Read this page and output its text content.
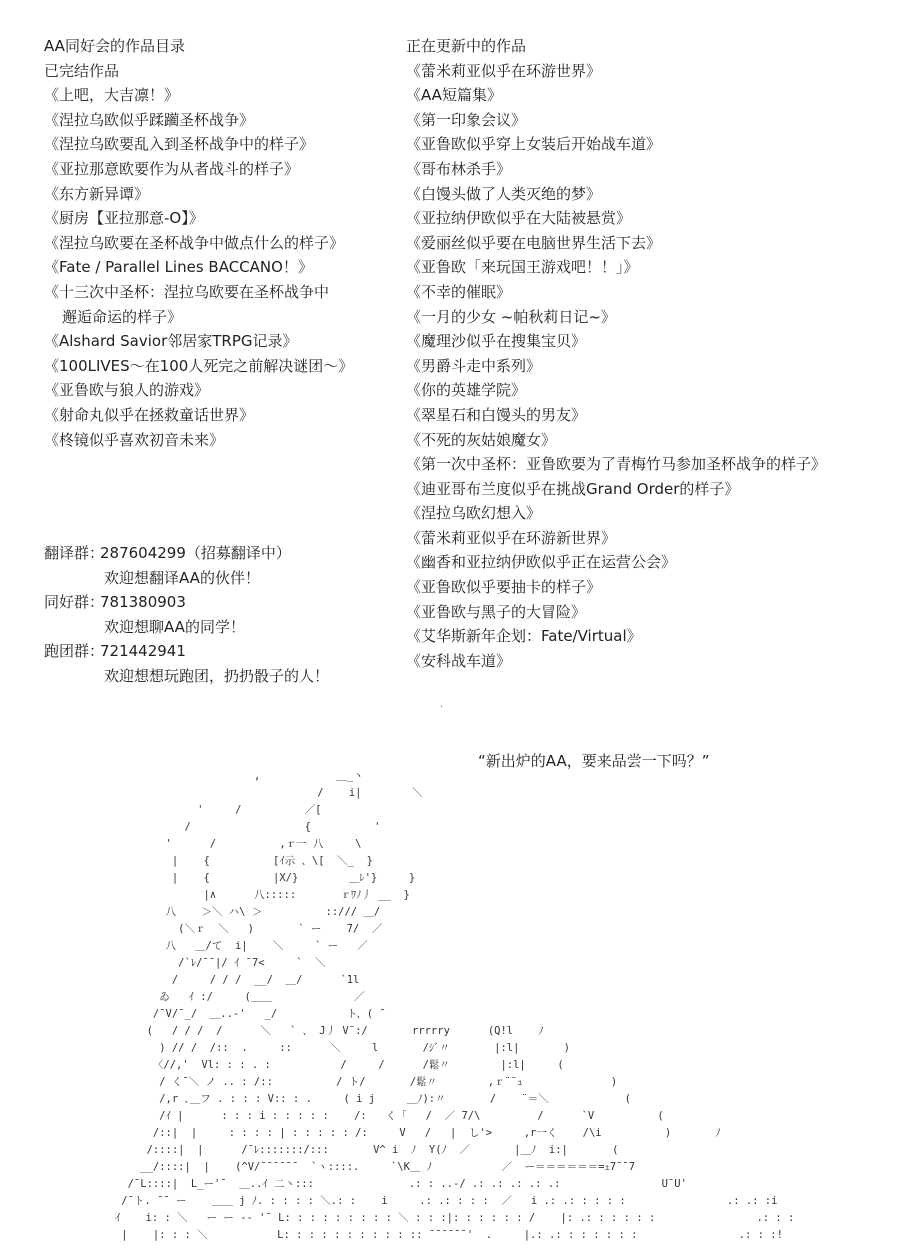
AA同好会的作品目录
已完结作品
《上吧，大吉凛！》
《涅拉乌欧似乎蹂躏圣杯战争》
《涅拉乌欧要乱入到圣杯战争中的样子》
《亚拉那意欧要作为从者战斗的样子》
《东方新异谭》
《厨房【亚拉那意-O】》
《涅拉乌欧要在圣杯战争中做点什么的样子》
《Fate / Parallel Lines BACCANO！》
《十三次中圣杯：涅拉乌欧要在圣杯战争中
邂逅命运的样子》
《Alshard Savior邻居家TRPG记录》
《100LIVES～在100人死完之前解决谜团～》
《亚鲁欧与狼人的游戏》
《射命丸似乎在拯救童话世界》
《柊镜似乎喜欢初音未来》
正在更新中的作品
《蕾米莉亚似乎在环游世界》
《AA短篇集》
《第一印象会议》
《亚鲁欧似乎穿上女装后开始战车道》
《哥布林杀手》
《白馒头做了人类灭绝的梦》
《亚拉纳伊欧似乎在大陆被悬赏》
《爱丽丝似乎要在电脑世界生活下去》
《亚鲁欧「来玩国王游戏吧！！」》
《不幸的催眠》
《一月的少女 ~帕秋莉日记~》
《魔理沙似乎在搜集宝贝》
《男爵斗走中系列》
《你的英雄学院》
《翠星石和白馒头的男友》
《不死的灰姑娘魔女》
《第一次中圣杯：亚鲁欧要为了青梅竹马参加圣杯战争的样子》
《迪亚哥布兰度似乎在挑战Grand Order的样子》
《涅拉乌欧幻想入》
《蕾米莉亚似乎在环游新世界》
《幽香和亚拉纳伊欧似乎正在运营公会》
《亚鲁欧似乎要抽卡的样子》
《亚鲁欧与黑子的大冒险》
《艾华斯新年企划：Fate/Virtual》
《安科战车道》
翻译群：
287604299（招募翻译中）
欢迎想翻译AA的伙伴！
同好群：
781380903
欢迎想聊AA的同学！
跑团群：
721442941
欢迎想想玩跑团，扔扔骰子的人！
.
“新出炉的AA，要来品尝一下吗？”
,            ＿_丶
/    i|        ＼
'     /          ／[
/                  {          '
'      /          ,ｒ一 八     \
|    {          [ｲ示 、\[  ＼_  }
|    {          |X/}        ＿ﾚ'}     }
|∧      八:::::       ｒﾜﾉ丿 __  }
八    ＞＼ ハ\ ＞          ::/// ＿/
(＼ｒ  ＼   )       ` ー    7/  ／
八   ＿/て  i|    ＼     ` ー   ／
/`ﾚ/¯¯|/ ｲ ¯7<     `  ＼
/     / / /  __/  ＿/      `1l
ゐ   ｲ :/     (＿＿             ／
/¯V/¯_/  ＿..-'   _/           ト、( ¯
(   / / /  /      ＼   ` 、 J丿 V¯:/       rrrrry      (Q!l    ﾉ
) // /  /::  .     ::      ＼     l       /ｼﾞ〃       |:l|       )
〈//,'  Vl: : : . :           /     /      /鬆〃        |:l|     (
/ く¯＼ ノ .. : /::          / ト/       /鬆〃        ,ｒ¨¨ｭ              )
/,r ､＿フ . : : : V:: : .     ( i j     ＿ﾉ):〃       /    ¨＝＼            (
/ｲ |      : : : i : : : : :    /:   く「   /  ／ 7/\         /      `V          (
/::|  |     : : : : | : : : : : /:     V   /   |  し'>     ,r一く    /\i          )       ﾉ
/::::|  |      /¯ﾚ:::::::/:::       V^ i  ﾉ  Y(ﾉ  ／       |＿ﾉ  i:|       (
__/::::|  |    (^V/¯¯¯¯¯¯  `ヽ::::.     `\K＿ ﾉ           ／  ー＝＝＝＝＝＝=ｭ7¯¯7
/¯L::::|  L_ー'¯  ＿..ｲ 二丶:::               .: : ..-/ .: .: .: .: .:                U¯U'
/¯ト. ¯¯ ー    ＿＿ j ﾉ. : : : : ＼.: :    i     .: .: : : :  ／   i .: .: : : : :                .: .: :i
ｲ    i: : ＼   ー ー -- '¯ L: : : : : : : : : ＼ : : :|: : : : : : /    |: .: : : : : :                .: : :
|    |: : : ＼           L: : : : : : : : : : :: ¯¯¯¯¯¯'  .     |.: .: : : : : : :                .: : :!
